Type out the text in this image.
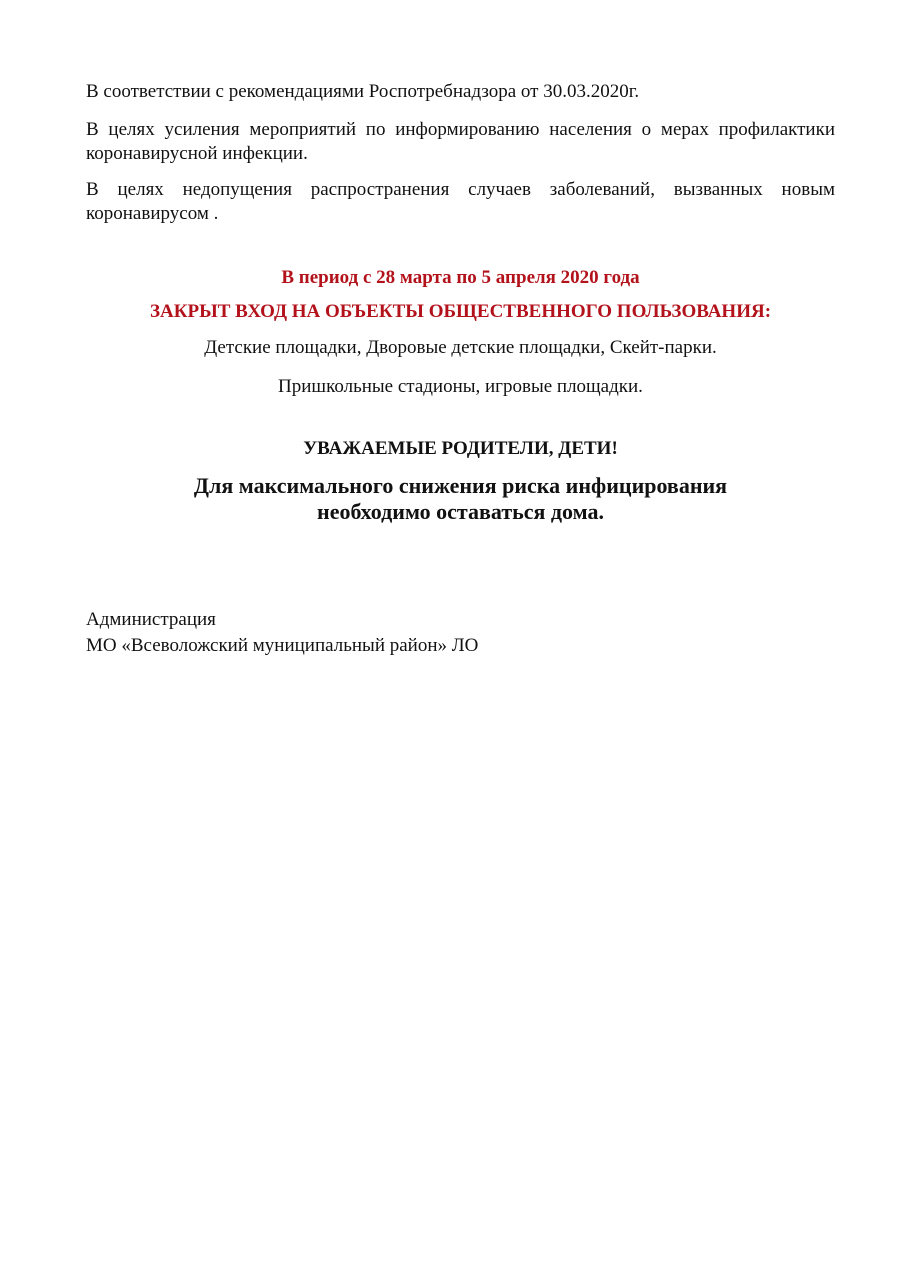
В соответствии с рекомендациями Роспотребнадзора от 30.03.2020г.

В целях усиления мероприятий по информированию населения о мерах профилактики коронавирусной инфекции.

В целях недопущения распространения случаев заболеваний, вызванных новым коронавирусом .

В период с 28 марта по 5 апреля 2020 года

ЗАКРЫТ ВХОД НА ОБЪЕКТЫ ОБЩЕСТВЕННОГО ПОЛЬЗОВАНИЯ:

Детские площадки, Дворовые детские площадки, Скейт-парки.

Пришкольные стадионы, игровые площадки.

УВАЖАЕМЫЕ РОДИТЕЛИ, ДЕТИ!

Для максимального снижения риска инфицирования

необходимо оставаться дома.

Администрация

МО «Всеволожский муниципальный район» ЛО
